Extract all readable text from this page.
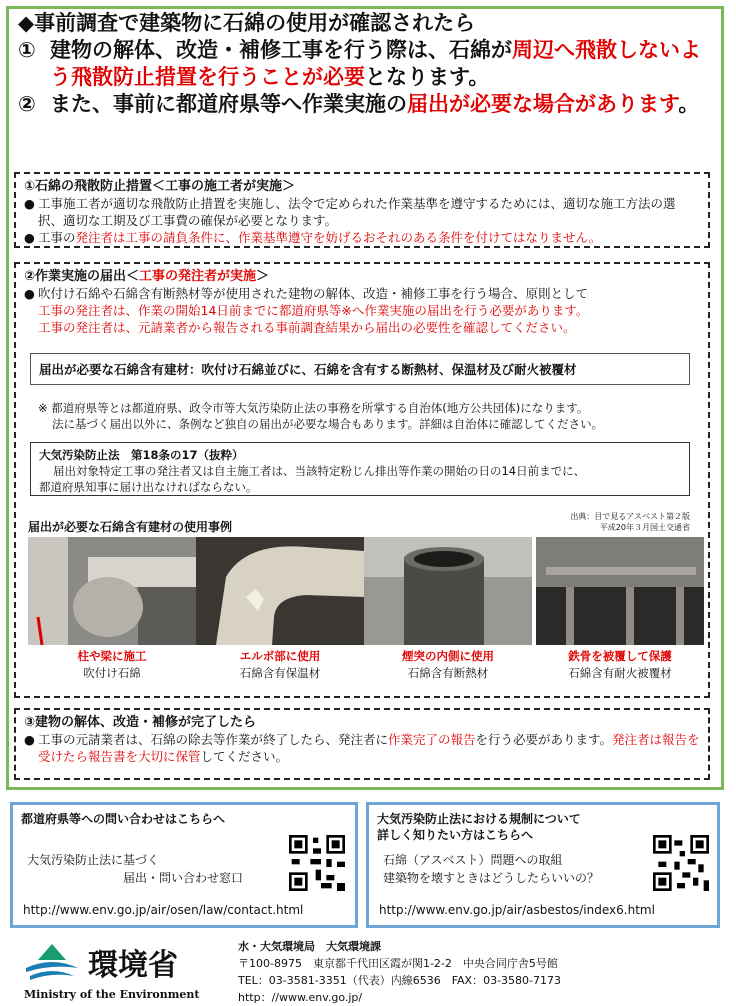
◆事前調査で建築物に石綿の使用が確認されたら
① 建物の解体、改造・補修工事を行う際は、石綿が周辺へ飛散しないよう飛散防止措置を行うことが必要となります。
② また、事前に都道府県等へ作業実施の届出が必要な場合があります。
①石綿の飛散防止措置＜工事の施工者が実施＞
● 工事施工者が適切な飛散防止措置を実施し、法令で定められた作業基準を遵守するためには、適切な施工方法の選択、適切な工期及び工事費の確保が必要となります。
● 工事の発注者は工事の請負条件に、作業基準遵守を妨げるおそれのある条件を付けてはなりません。
②作業実施の届出＜工事の発注者が実施＞
● 吹付け石綿や石綿含有断熱材等が使用された建物の解体、改造・補修工事を行う場合、原則として
工事の発注者は、作業の開始14日前までに都道府県等※へ作業実施の届出を行う必要があります。
工事の発注者は、元請業者から報告される事前調査結果から届出の必要性を確認してください。
届出が必要な石綿含有建材：吹付け石綿並びに、石綿を含有する断熱材、保温材及び耐火被覆材
※ 都道府県等とは都道府県、政令市等大気汚染防止法の事務を所掌する自治体(地方公共団体)になります。
法に基づく届出以外に、条例など独自の届出が必要な場合もあります。詳細は自治体に確認してください。
大気汚染防止法　第18条の17（抜粋）
届出対象特定工事の発注者又は自主施工者は、当該特定粉じん排出等作業の開始の日の14日前までに、
都道府県知事に届け出なければならない。
届出が必要な石綿含有建材の使用事例
出典：目で見るアスベスト第２版
平成20年３月国土交通省
柱や梁に施工
吹付け石綿
エルボ部に使用
石綿含有保温材
煙突の内側に使用
石綿含有断熱材
鉄骨を被覆して保護
石綿含有耐火被覆材
③建物の解体、改造・補修が完了したら
● 工事の元請業者は、石綿の除去等作業が終了したら、発注者に作業完了の報告を行う必要があります。発注者は報告を受けたら報告書を大切に保管してください。
都道府県等への問い合わせはこちらへ
大気汚染防止法に基づく
届出・問い合わせ窓口
http://www.env.go.jp/air/osen/law/contact.html
大気汚染防止法における規制について
詳しく知りたい方はこちらへ
石綿（アスベスト）問題への取組
建築物を壊すときはどうしたらいいの？
http://www.env.go.jp/air/asbestos/index6.html
環境省
Ministry of the Environment
水・大気環境局　大気環境課
〒100-8975　東京都千代田区霞が関1-2-2　中央合同庁舎5号館
TEL：03-3581-3351（代表）内線6536　FAX：03-3580-7173
http：//www.env.go.jp/
